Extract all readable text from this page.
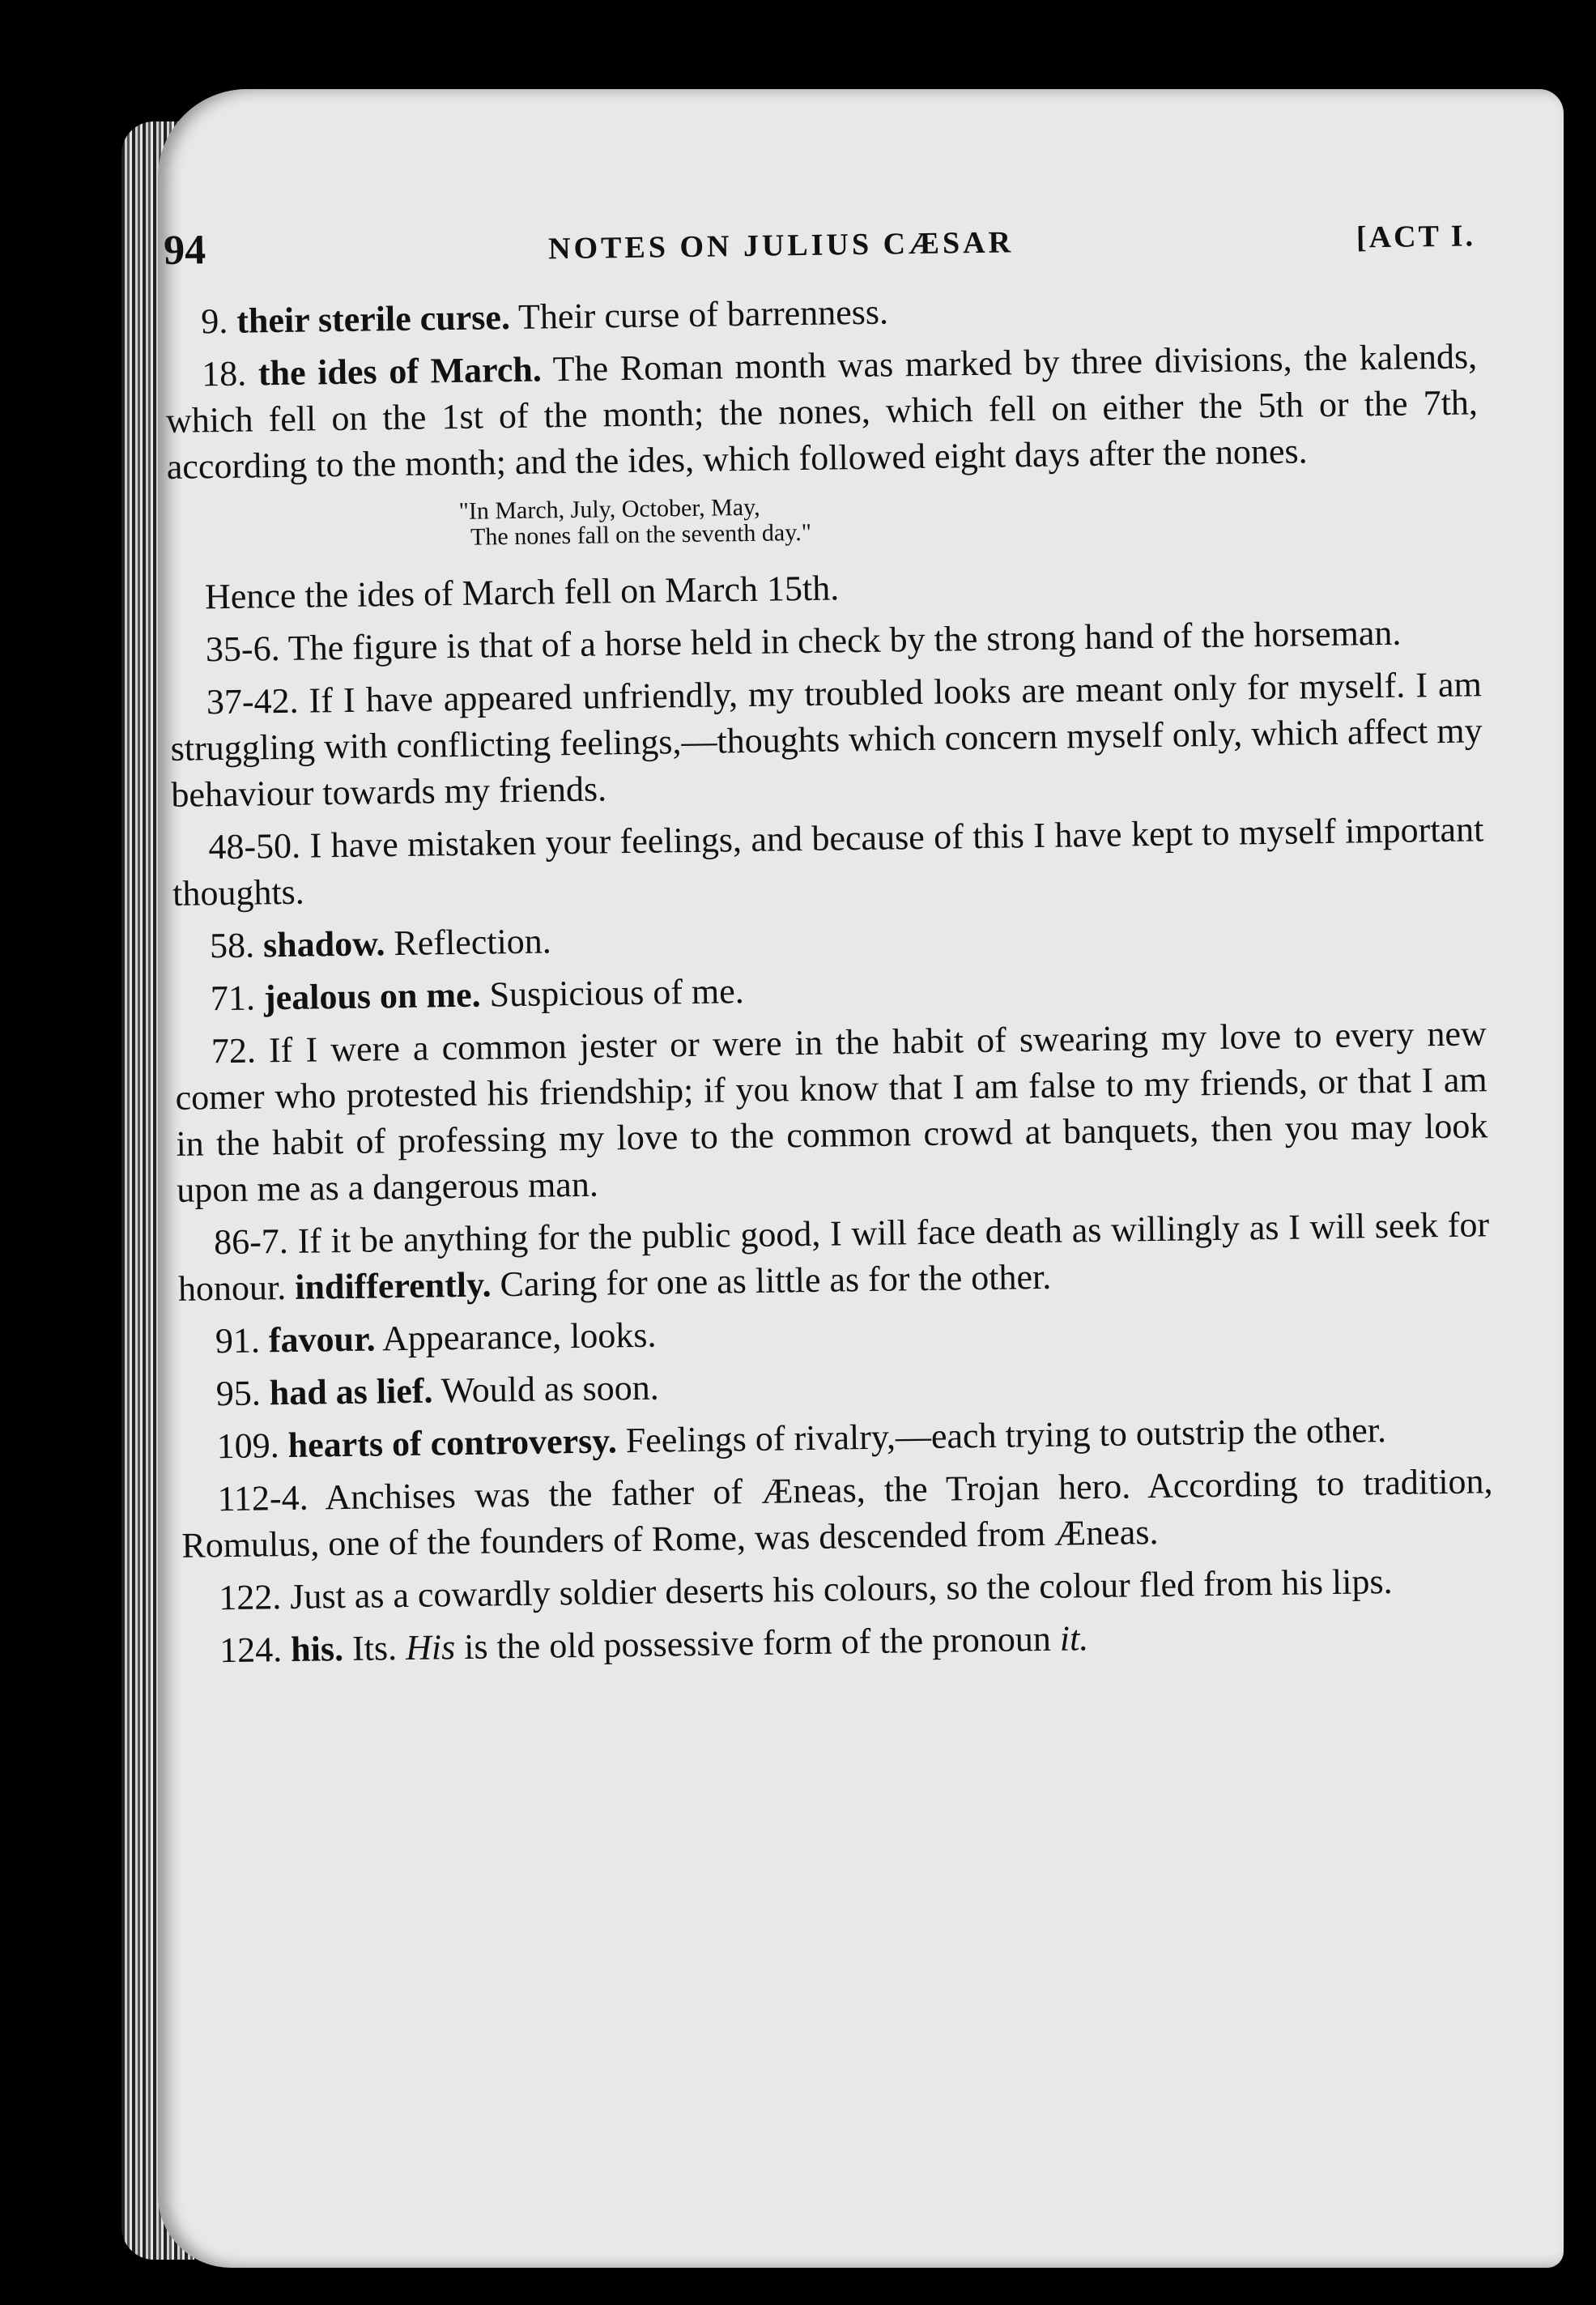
94	NOTES ON JULIUS CÆSAR	[ACT I.

9. their sterile curse. Their curse of barrenness.

18. the ides of March. The Roman month was marked by three divisions, the kalends, which fell on the 1st of the month; the nones, which fell on either the 5th or the 7th, according to the month; and the ides, which followed eight days after the nones.

"In March, July, October, May,
The nones fall on the seventh day."

Hence the ides of March fell on March 15th.

35-6. The figure is that of a horse held in check by the strong hand of the horseman.

37-42. If I have appeared unfriendly, my troubled looks are meant only for myself. I am struggling with conflicting feelings,—thoughts which concern myself only, which affect my behaviour towards my friends.

48-50. I have mistaken your feelings, and because of this I have kept to myself important thoughts.

58. shadow. Reflection.

71. jealous on me. Suspicious of me.

72. If I were a common jester or were in the habit of swearing my love to every new comer who protested his friendship; if you know that I am false to my friends, or that I am in the habit of professing my love to the common crowd at banquets, then you may look upon me as a dangerous man.

86-7. If it be anything for the public good, I will face death as willingly as I will seek for honour. indifferently. Caring for one as little as for the other.

91. favour. Appearance, looks.

95. had as lief. Would as soon.

109. hearts of controversy. Feelings of rivalry,—each trying to outstrip the other.

112-4. Anchises was the father of Æneas, the Trojan hero. According to tradition, Romulus, one of the founders of Rome, was descended from Æneas.

122. Just as a cowardly soldier deserts his colours, so the colour fled from his lips.

124. his. Its. His is the old possessive form of the pronoun it.
